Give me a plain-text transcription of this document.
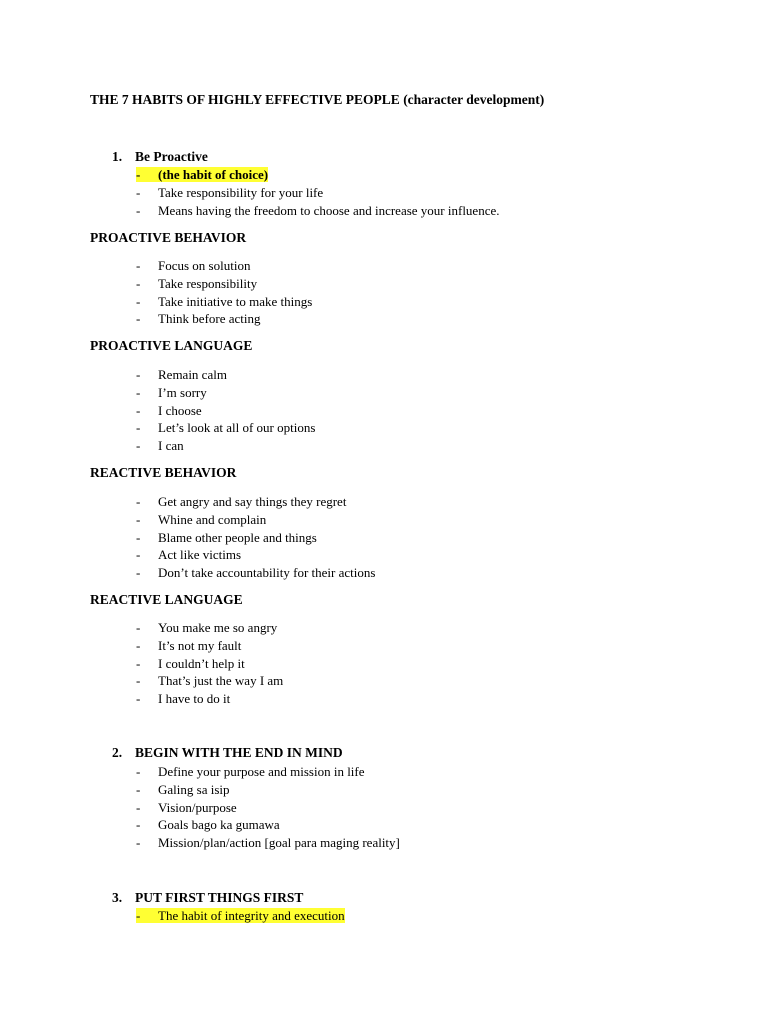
THE 7 HABITS OF HIGHLY EFFECTIVE PEOPLE (character development)
1. Be Proactive
- (the habit of choice)
- Take responsibility for your life
- Means having the freedom to choose and increase your influence.
PROACTIVE BEHAVIOR
- Focus on solution
- Take responsibility
- Take initiative to make things
- Think before acting
PROACTIVE LANGUAGE
- Remain calm
- I’m sorry
- I choose
- Let’s look at all of our options
- I can
REACTIVE BEHAVIOR
- Get angry and say things they regret
- Whine and complain
- Blame other people and things
- Act like victims
- Don’t take accountability for their actions
REACTIVE LANGUAGE
- You make me so angry
- It’s not my fault
- I couldn’t help it
- That’s just the way I am
- I have to do it
2. BEGIN WITH THE END IN MIND
- Define your purpose and mission in life
- Galing sa isip
- Vision/purpose
- Goals bago ka gumawa
- Mission/plan/action [goal para maging reality]
3. PUT FIRST THINGS FIRST
- The habit of integrity and execution
